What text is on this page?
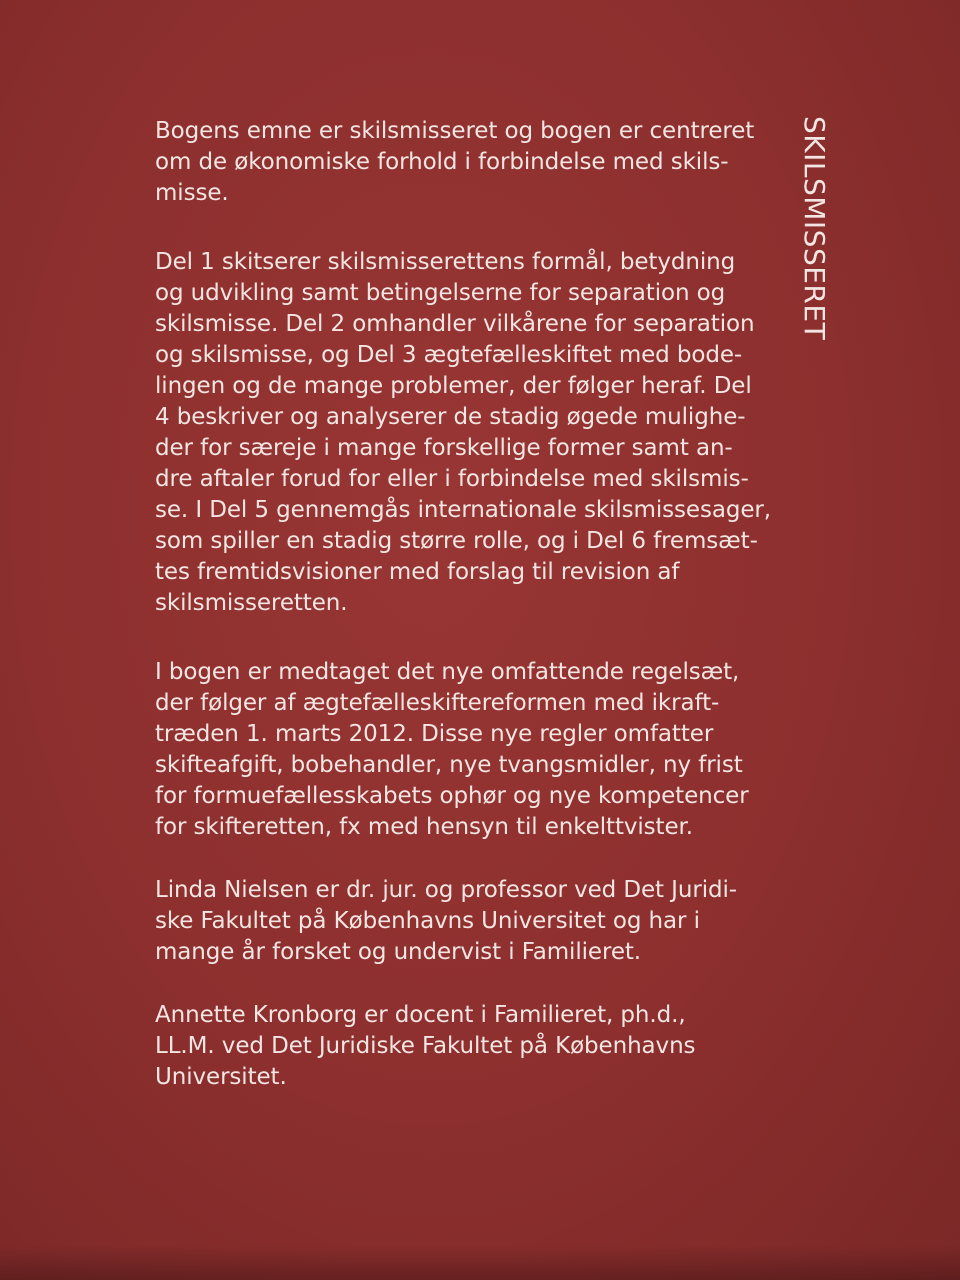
SKILSMISSERET

Bogens emne er skilsmisseret og bogen er centreret
om de økonomiske forhold i forbindelse med skils-
misse.

Del 1 skitserer skilsmisserettens formål, betydning
og udvikling samt betingelserne for separation og
skilsmisse. Del 2 omhandler vilkårene for separation
og skilsmisse, og Del 3 ægtefælleskiftet med bode-
lingen og de mange problemer, der følger heraf. Del
4 beskriver og analyserer de stadig øgede mulighe-
der for særeje i mange forskellige former samt an-
dre aftaler forud for eller i forbindelse med skilsmis-
se. I Del 5 gennemgås internationale skilsmissesager,
som spiller en stadig større rolle, og i Del 6 fremsæt-
tes fremtidsvisioner med forslag til revision af
skilsmisseretten.

I bogen er medtaget det nye omfattende regelsæt,
der følger af ægtefælleskiftereformen med ikraft-
træden 1. marts 2012. Disse nye regler omfatter
skifteafgift, bobehandler, nye tvangsmidler, ny frist
for formuefællesskabets ophør og nye kompetencer
for skifteretten, fx med hensyn til enkelttvister.

Linda Nielsen er dr. jur. og professor ved Det Juridi-
ske Fakultet på Københavns Universitet og har i
mange år forsket og undervist i Familieret.

Annette Kronborg er docent i Familieret, ph.d.,
LL.M. ved Det Juridiske Fakultet på Københavns
Universitet.
